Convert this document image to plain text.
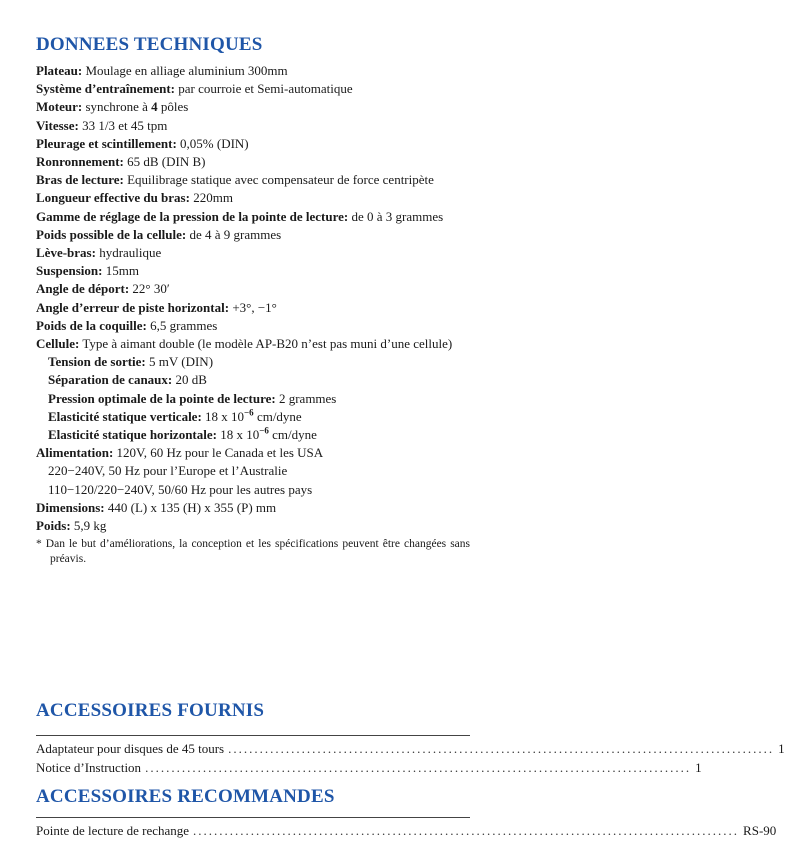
DONNEES TECHNIQUES
Plateau: Moulage en alliage aluminium 300mm
Système d’entraînement: par courroie et Semi-automatique
Moteur: synchrone à 4 pôles
Vitesse: 33 1/3 et 45 tpm
Pleurage et scintillement: 0,05% (DIN)
Ronronnement: 65 dB (DIN B)
Bras de lecture: Equilibrage statique avec compensateur de force centripète
Longueur effective du bras: 220mm
Gamme de réglage de la pression de la pointe de lecture: de 0 à 3 grammes
Poids possible de la cellule: de 4 à 9 grammes
Lève-bras: hydraulique
Suspension: 15mm
Angle de déport: 22° 30′
Angle d’erreur de piste horizontal: +3°, −1°
Poids de la coquille: 6,5 grammes
Cellule: Type à aimant double (le modèle AP-B20 n’est pas muni d’une cellule)
Tension de sortie: 5 mV (DIN)
Séparation de canaux: 20 dB
Pression optimale de la pointe de lecture: 2 grammes
Elasticité statique verticale: 18 x $10^{-6}$ cm/dyne
Elasticité statique horizontale: 18 x $10^{-6}$ cm/dyne
Alimentation: 120V, 60 Hz pour le Canada et les USA
220−240V, 50 Hz pour l’Europe et l’Australie
110−120/220−240V, 50/60 Hz pour les autres pays
Dimensions: 440 (L) x 135 (H) x 355 (P) mm
Poids: 5,9 kg
* Dan le but d’améliorations, la conception et les spécifications peuvent être changées sans préavis.
ACCESSOIRES FOURNIS
Adaptateur pour disques de 45 tours ........................................................................................................ 1
Notice d’Instruction ........................................................................................................ 1
ACCESSOIRES RECOMMANDES
Pointe de lecture de rechange ........................................................................................................ RS-90
